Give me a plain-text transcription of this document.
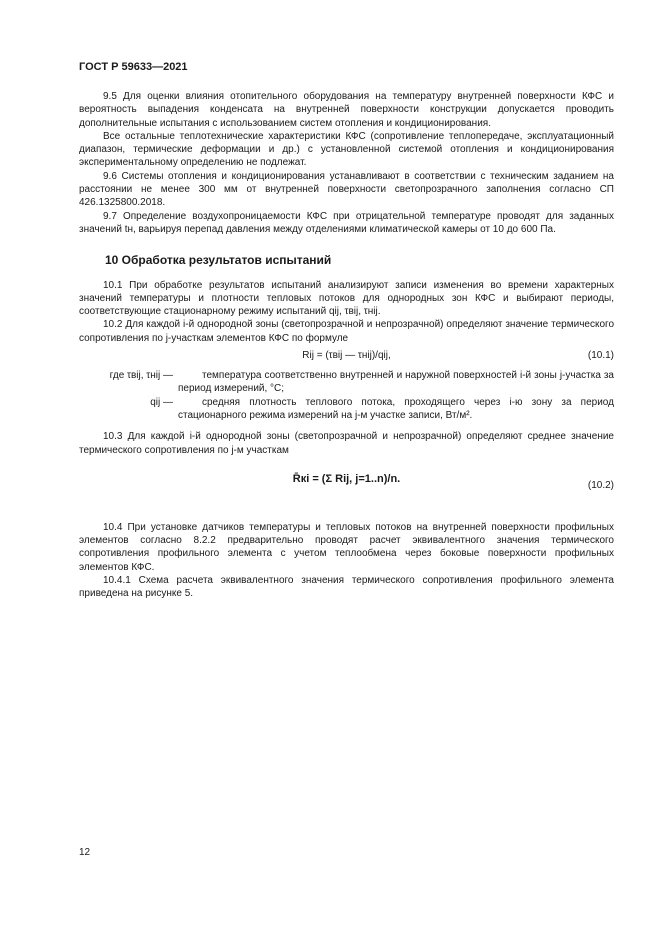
ГОСТ Р 59633—2021

9.5 Для оценки влияния отопительного оборудования на температуру внутренней поверхности КФС и вероятность выпадения конденсата на внутренней поверхности конструкции допускается проводить дополнительные испытания с использованием систем отопления и кондиционирования.

Все остальные теплотехнические характеристики КФС (сопротивление теплопередаче, эксплуатационный диапазон, термические деформации и др.) с установленной системой отопления и кондиционирования экспериментальному определению не подлежат.

9.6 Системы отопления и кондиционирования устанавливают в соответствии с техническим заданием на расстоянии не менее 300 мм от внутренней поверхности светопрозрачного заполнения согласно СП 426.1325800.2018.

9.7 Определение воздухопроницаемости КФС при отрицательной температуре проводят для заданных значений tн, варьируя перепад давления между отделениями климатической камеры от 10 до 600 Па.

10 Обработка результатов испытаний

10.1 При обработке результатов испытаний анализируют записи изменения во времени характерных значений температуры и плотности тепловых потоков для однородных зон КФС и выбирают периоды, соответствующие стационарному режиму испытаний qij, τвij, τнij.

10.2 Для каждой i-й однородной зоны (светопрозрачной и непрозрачной) определяют значение термического сопротивления по j-участкам элементов КФС по формуле

Rij = (τвij — τнij)/qij,	(10.1)

где τвij, τнij —	температура соответственно внутренней и наружной поверхностей i-й зоны j-участка за период измерений, °С;

qij —	средняя плотность теплового потока, проходящего через i-ю зону за период стационарного режима измерений на j-м участке записи, Вт/м².

10.3 Для каждой i-й однородной зоны (светопрозрачной и непрозрачной) определяют среднее значение термического сопротивления по j-м участкам

R̄кi = (Σ Rij, j=1..n)/n.
(10.2)

10.4 При установке датчиков температуры и тепловых потоков на внутренней поверхности профильных элементов согласно 8.2.2 предварительно проводят расчет эквивалентного значения термического сопротивления профильного элемента с учетом теплообмена через боковые поверхности профильных элементов КФС.

10.4.1 Схема расчета эквивалентного значения термического сопротивления профильного элемента приведена на рисунке 5.

12
